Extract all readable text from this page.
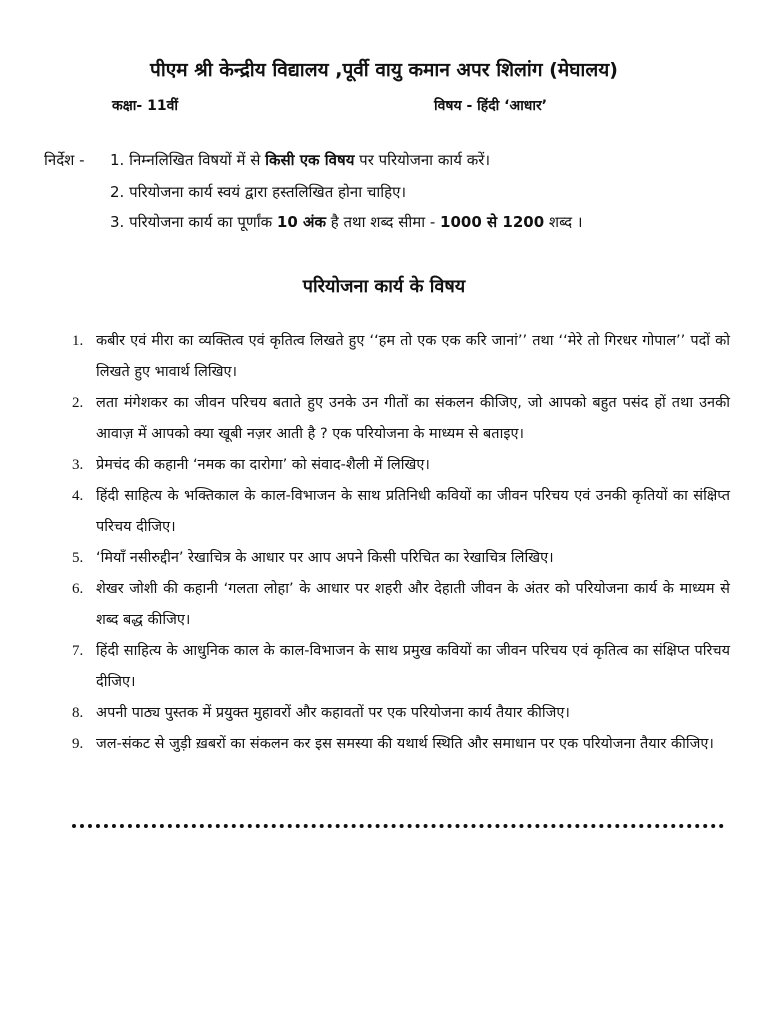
पीएम श्री केन्द्रीय विद्यालय ,पूर्वी वायु कमान अपर शिलांग (मेघालय)
कक्षा- 11वीं	विषय - हिंदी ‘आधार’
निर्देश - 1. निम्नलिखित विषयों में से किसी एक विषय पर परियोजना कार्य करें।
2. परियोजना कार्य स्वयं द्वारा हस्तलिखित होना चाहिए।
3. परियोजना कार्य का पूर्णांक 10 अंक है तथा शब्द सीमा - 1000 से 1200 शब्द ।
परियोजना कार्य के विषय
1. कबीर एवं मीरा का व्यक्तित्व एवं कृतित्व लिखते हुए ‘‘हम तो एक एक करि जानां’’ तथा ‘‘मेरे तो गिरधर गोपाल’’ पदों को लिखते हुए भावार्थ लिखिए।
2. लता मंगेशकर का जीवन परिचय बताते हुए उनके उन गीतों का संकलन कीजिए, जो आपको बहुत पसंद हों तथा उनकी आवाज़ में आपको क्या खूबी नज़र आती है ? एक परियोजना के माध्यम से बताइए।
3. प्रेमचंद की कहानी ‘नमक का दारोगा’ को संवाद-शैली में लिखिए।
4. हिंदी साहित्य के भक्तिकाल के काल-विभाजन के साथ प्रतिनिधी कवियों का जीवन परिचय एवं उनकी कृतियों का संक्षिप्त परिचय दीजिए।
5. ‘मियाँ नसीरुद्दीन’ रेखाचित्र के आधार पर आप अपने किसी परिचित का रेखाचित्र लिखिए।
6. शेखर जोशी की कहानी ‘गलता लोहा’ के आधार पर शहरी और देहाती जीवन के अंतर को परियोजना कार्य के माध्यम से शब्द बद्ध कीजिए।
7. हिंदी साहित्य के आधुनिक काल के काल-विभाजन के साथ प्रमुख कवियों का जीवन परिचय एवं कृतित्व का संक्षिप्त परिचय दीजिए।
8. अपनी पाठ्य पुस्तक में प्रयुक्त मुहावरों और कहावतों पर एक परियोजना कार्य तैयार कीजिए।
9. जल-संकट से जुड़ी ख़बरों का संकलन कर इस समस्या की यथार्थ स्थिति और समाधान पर एक परियोजना तैयार कीजिए।
